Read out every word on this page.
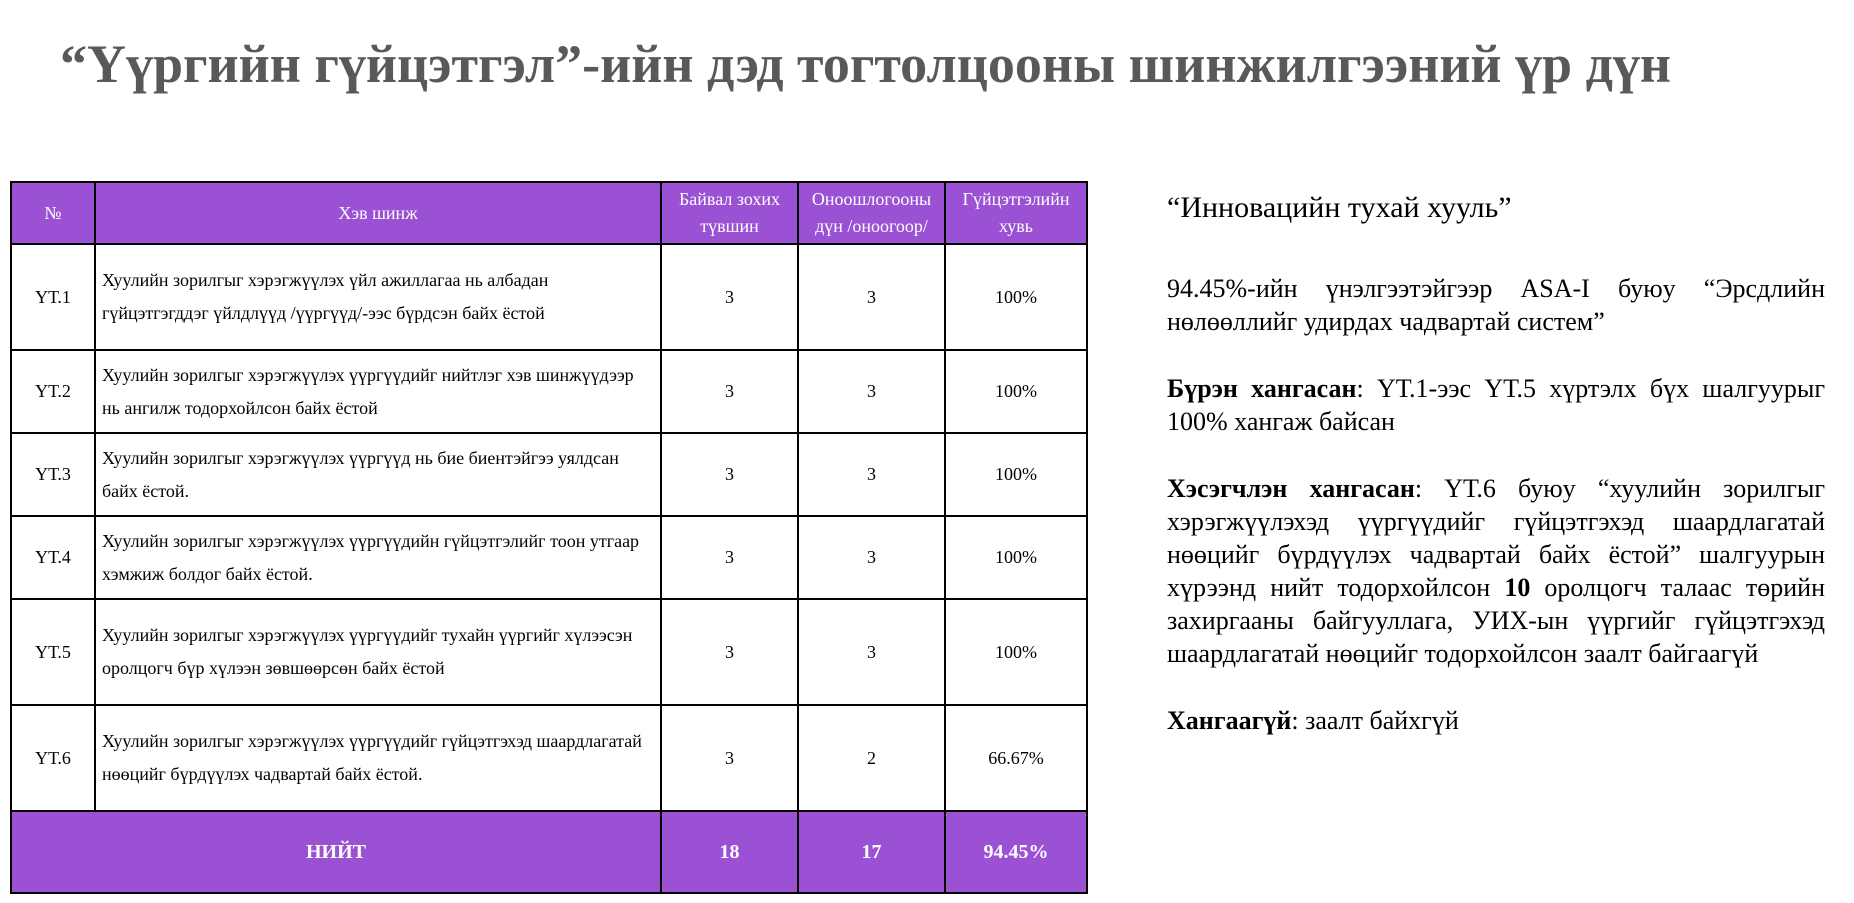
“Үүргийн гүйцэтгэл”-ийн дэд тогтолцооны шинжилгээний үр дүн
№	Хэв шинж	Байвал зохих түвшин	Оноошлогооны дүн /оноогоор/	Гүйцэтгэлийн хувь
ҮТ.1	Хуулийн зорилгыг хэрэгжүүлэх үйл ажиллагаа нь албадан гүйцэтгэгддэг үйлдлүүд /үүргүүд/-ээс бүрдсэн байх ёстой	3	3	100%
ҮТ.2	Хуулийн зорилгыг хэрэгжүүлэх үүргүүдийг нийтлэг хэв шинжүүдээр нь ангилж тодорхойлсон байх ёстой	3	3	100%
ҮТ.3	Хуулийн зорилгыг хэрэгжүүлэх үүргүүд нь бие биентэйгээ уялдсан байх ёстой.	3	3	100%
ҮТ.4	Хуулийн зорилгыг хэрэгжүүлэх үүргүүдийн гүйцэтгэлийг тоон утгаар хэмжиж болдог байх ёстой.	3	3	100%
ҮТ.5	Хуулийн зорилгыг хэрэгжүүлэх үүргүүдийг тухайн үүргийг хүлээсэн оролцогч бүр хүлээн зөвшөөрсөн байх ёстой	3	3	100%
ҮТ.6	Хуулийн зорилгыг хэрэгжүүлэх үүргүүдийг гүйцэтгэхэд шаардлагатай нөөцийг бүрдүүлэх чадвартай байх ёстой.	3	2	66.67%
НИЙТ		18	17	94.45%
“Инновацийн тухай хууль”

94.45%-ийн үнэлгээтэйгээр ASA-I буюу “Эрсдлийн нөлөөллийг удирдах чадвартай систем”

Бүрэн хангасан: ҮТ.1-ээс ҮТ.5 хүртэлх бүх шалгуурыг 100% хангаж байсан

Хэсэгчлэн хангасан: ҮТ.6 буюу “хуулийн зорилгыг хэрэгжүүлэхэд үүргүүдийг гүйцэтгэхэд шаардлагатай нөөцийг бүрдүүлэх чадвартай байх ёстой” шалгуурын хүрээнд нийт тодорхойлсон 10 оролцогч талаас төрийн захиргааны байгууллага, УИХ-ын үүргийг гүйцэтгэхэд шаардлагатай нөөцийг тодорхойлсон заалт байгаагүй

Хангаагүй: заалт байхгүй
